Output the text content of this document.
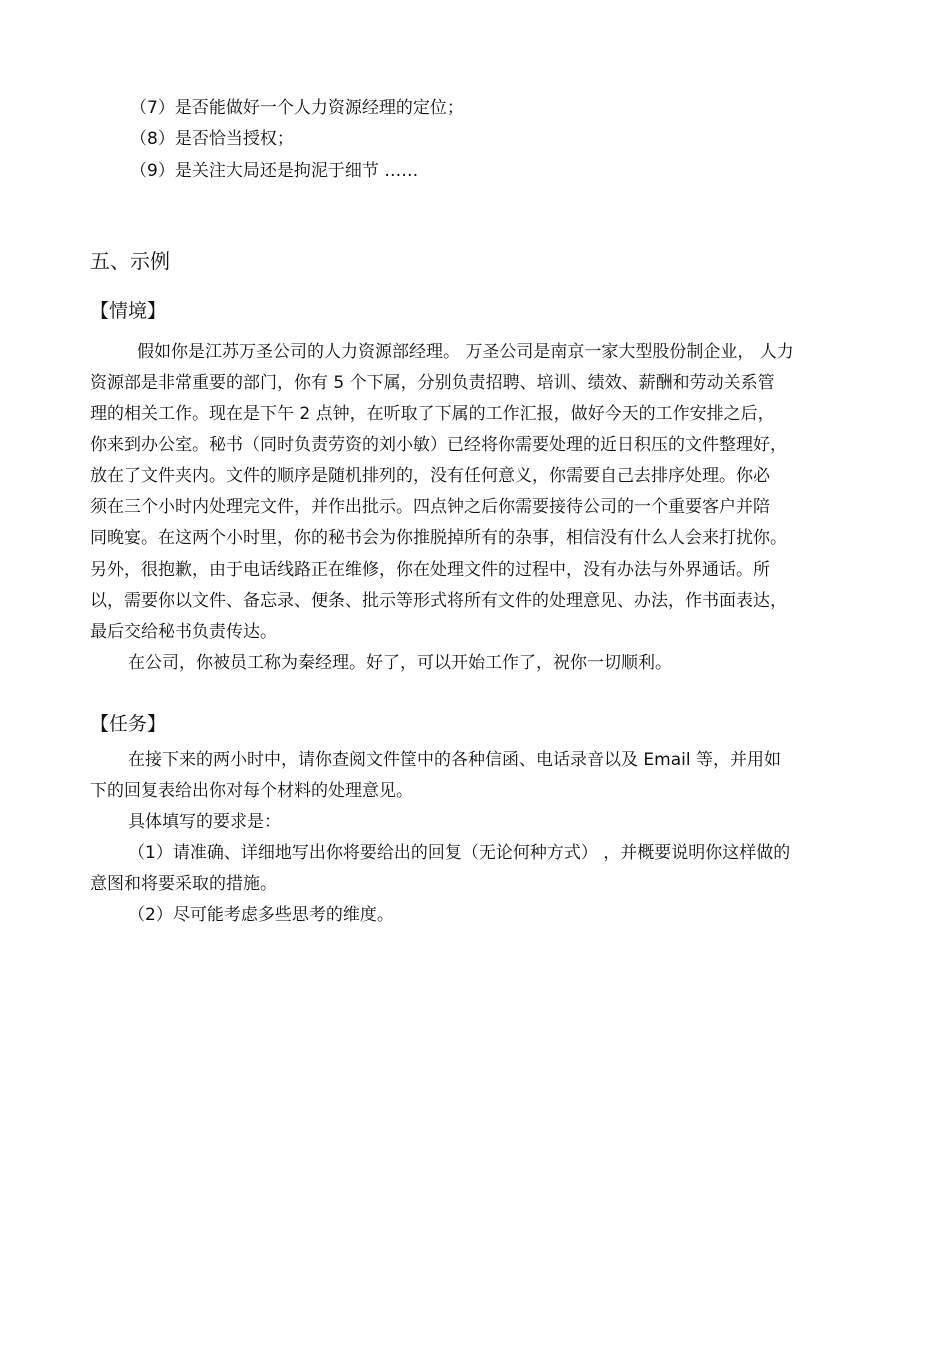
（7）是否能做好一个人力资源经理的定位；

（8）是否恰当授权；

（9）是关注大局还是拘泥于细节 ……

五、示例

【情境】

假如你是江苏万圣公司的人力资源部经理。 万圣公司是南京一家大型股份制企业， 人力

资源部是非常重要的部门，你有 5 个下属，分别负责招聘、培训、绩效、薪酬和劳动关系管

理的相关工作。现在是下午 2 点钟，在听取了下属的工作汇报，做好今天的工作安排之后，

你来到办公室。秘书（同时负责劳资的刘小敏）已经将你需要处理的近日积压的文件整理好，

放在了文件夹内。文件的顺序是随机排列的，没有任何意义，你需要自己去排序处理。你必

须在三个小时内处理完文件，并作出批示。四点钟之后你需要接待公司的一个重要客户并陪

同晚宴。在这两个小时里，你的秘书会为你推脱掉所有的杂事，相信没有什么人会来打扰你。

另外，很抱歉，由于电话线路正在维修，你在处理文件的过程中，没有办法与外界通话。所

以，需要你以文件、备忘录、便条、批示等形式将所有文件的处理意见、办法，作书面表达，

最后交给秘书负责传达。

在公司，你被员工称为秦经理。好了，可以开始工作了，祝你一切顺利。

【任务】

在接下来的两小时中，请你查阅文件筐中的各种信函、电话录音以及 Email 等，并用如

下的回复表给出你对每个材料的处理意见。

具体填写的要求是：

（1）请准确、详细地写出你将要给出的回复（无论何种方式） ，并概要说明你这样做的

意图和将要采取的措施。

（2）尽可能考虑多些思考的维度。
